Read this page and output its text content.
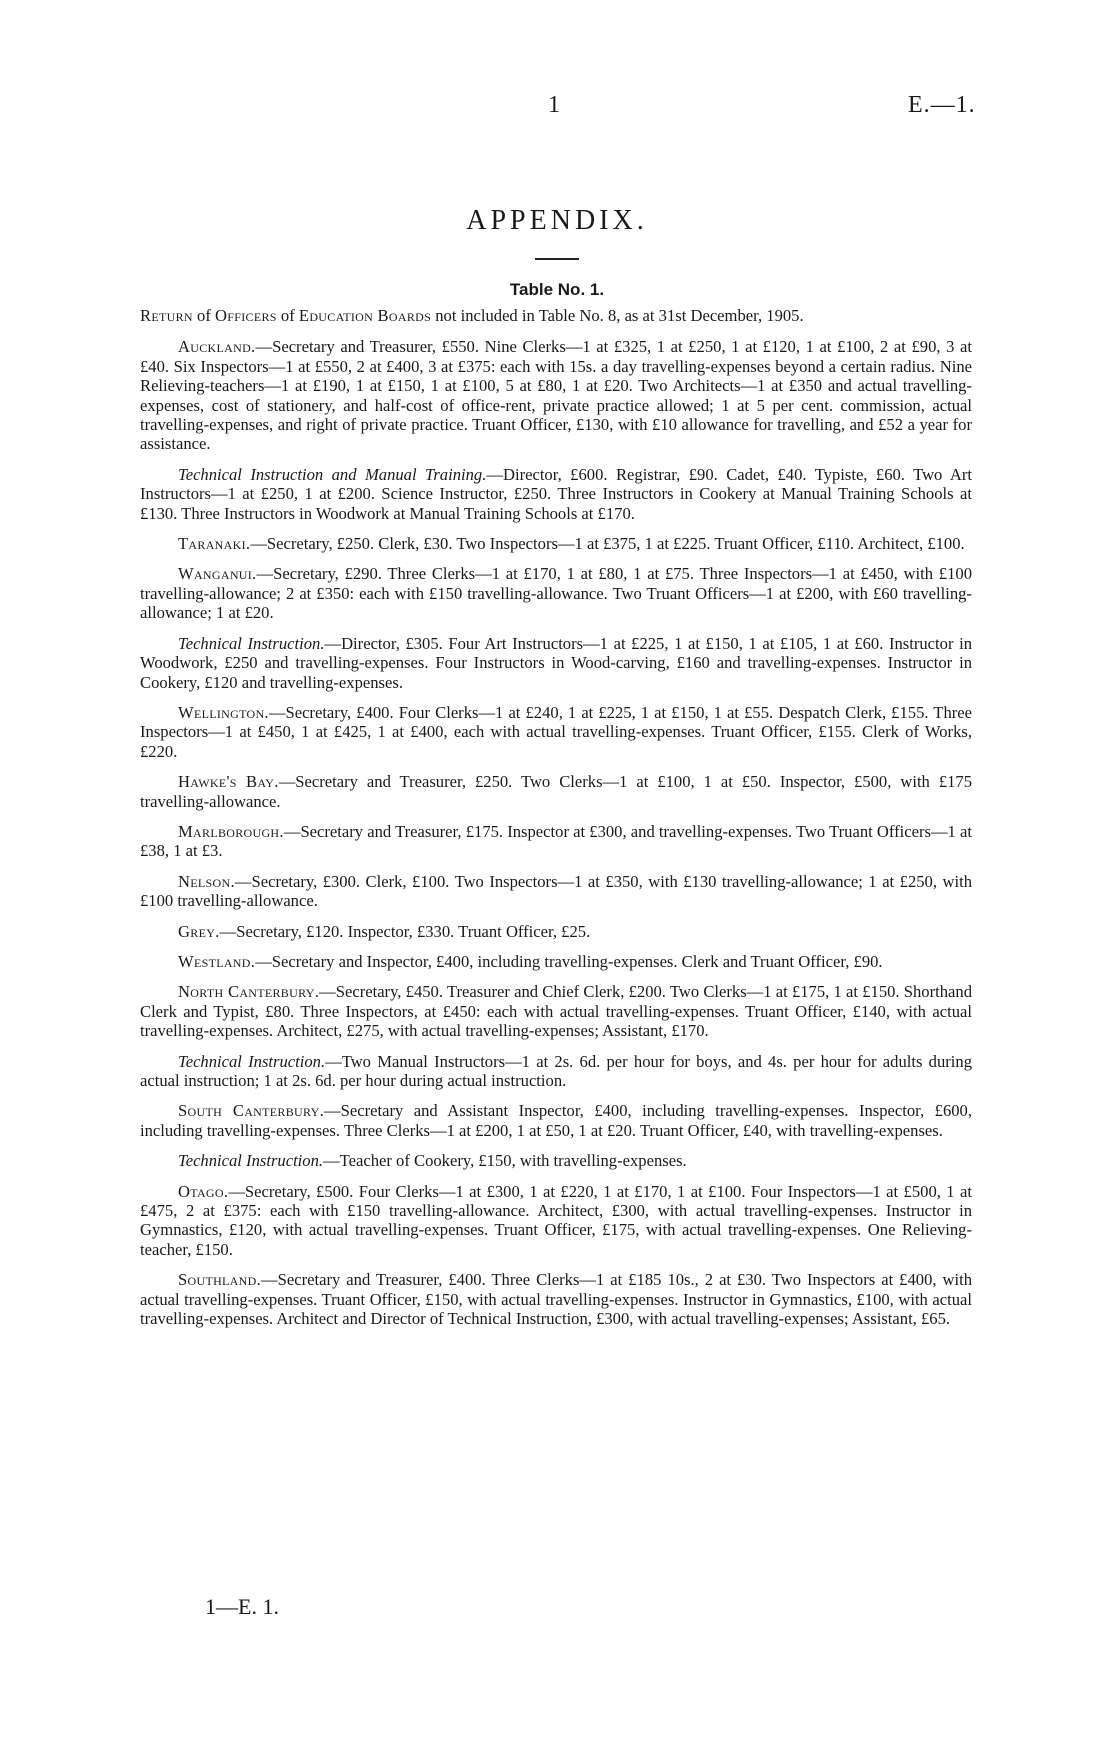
1	E.—1.
APPENDIX.
Table No. 1.
Return of Officers of Education Boards not included in Table No. 8, as at 31st December, 1905.

Auckland.—Secretary and Treasurer, £550. Nine Clerks—1 at £325, 1 at £250, 1 at £120, 1 at £100, 2 at £90, 3 at £40. Six Inspectors—1 at £550, 2 at £400, 3 at £375: each with 15s. a day travelling-expenses beyond a certain radius. Nine Relieving-teachers—1 at £190, 1 at £150, 1 at £100, 5 at £80, 1 at £20. Two Architects—1 at £350 and actual travelling-expenses, cost of stationery, and half-cost of office-rent, private practice allowed; 1 at 5 per cent. commission, actual travelling-expenses, and right of private practice. Truant Officer, £130, with £10 allowance for travelling, and £52 a year for assistance.

Technical Instruction and Manual Training.—Director, £600. Registrar, £90. Cadet, £40. Typiste, £60. Two Art Instructors—1 at £250, 1 at £200. Science Instructor, £250. Three Instructors in Cookery at Manual Training Schools at £130. Three Instructors in Woodwork at Manual Training Schools at £170.

Taranaki.—Secretary, £250. Clerk, £30. Two Inspectors—1 at £375, 1 at £225. Truant Officer, £110. Architect, £100.

Wanganui.—Secretary, £290. Three Clerks—1 at £170, 1 at £80, 1 at £75. Three Inspectors—1 at £450, with £100 travelling-allowance; 2 at £350: each with £150 travelling-allowance. Two Truant Officers—1 at £200, with £60 travelling-allowance; 1 at £20.

Technical Instruction.—Director, £305. Four Art Instructors—1 at £225, 1 at £150, 1 at £105, 1 at £60. Instructor in Woodwork, £250 and travelling-expenses. Four Instructors in Wood-carving, £160 and travelling-expenses. Instructor in Cookery, £120 and travelling-expenses.

Wellington.—Secretary, £400. Four Clerks—1 at £240, 1 at £225, 1 at £150, 1 at £55. Despatch Clerk, £155. Three Inspectors—1 at £450, 1 at £425, 1 at £400, each with actual travelling-expenses. Truant Officer, £155. Clerk of Works, £220.

Hawke's Bay.—Secretary and Treasurer, £250. Two Clerks—1 at £100, 1 at £50. Inspector, £500, with £175 travelling-allowance.

Marlborough.—Secretary and Treasurer, £175. Inspector at £300, and travelling-expenses. Two Truant Officers—1 at £38, 1 at £3.

Nelson.—Secretary, £300. Clerk, £100. Two Inspectors—1 at £350, with £130 travelling-allowance; 1 at £250, with £100 travelling-allowance.

Grey.—Secretary, £120. Inspector, £330. Truant Officer, £25.

Westland.—Secretary and Inspector, £400, including travelling-expenses. Clerk and Truant Officer, £90.

North Canterbury.—Secretary, £450. Treasurer and Chief Clerk, £200. Two Clerks—1 at £175, 1 at £150. Shorthand Clerk and Typist, £80. Three Inspectors, at £450: each with actual travelling-expenses. Truant Officer, £140, with actual travelling-expenses. Architect, £275, with actual travelling-expenses; Assistant, £170.

Technical Instruction.—Two Manual Instructors—1 at 2s. 6d. per hour for boys, and 4s. per hour for adults during actual instruction; 1 at 2s. 6d. per hour during actual instruction.

South Canterbury.—Secretary and Assistant Inspector, £400, including travelling-expenses. Inspector, £600, including travelling-expenses. Three Clerks—1 at £200, 1 at £50, 1 at £20. Truant Officer, £40, with travelling-expenses.

Technical Instruction.—Teacher of Cookery, £150, with travelling-expenses.

Otago.—Secretary, £500. Four Clerks—1 at £300, 1 at £220, 1 at £170, 1 at £100. Four Inspectors—1 at £500, 1 at £475, 2 at £375: each with £150 travelling-allowance. Architect, £300, with actual travelling-expenses. Instructor in Gymnastics, £120, with actual travelling-expenses. Truant Officer, £175, with actual travelling-expenses. One Relieving-teacher, £150.

Southland.—Secretary and Treasurer, £400. Three Clerks—1 at £185 10s., 2 at £30. Two Inspectors at £400, with actual travelling-expenses. Truant Officer, £150, with actual travelling-expenses. Instructor in Gymnastics, £100, with actual travelling-expenses. Architect and Director of Technical Instruction, £300, with actual travelling-expenses; Assistant, £65.

1—E. 1.
